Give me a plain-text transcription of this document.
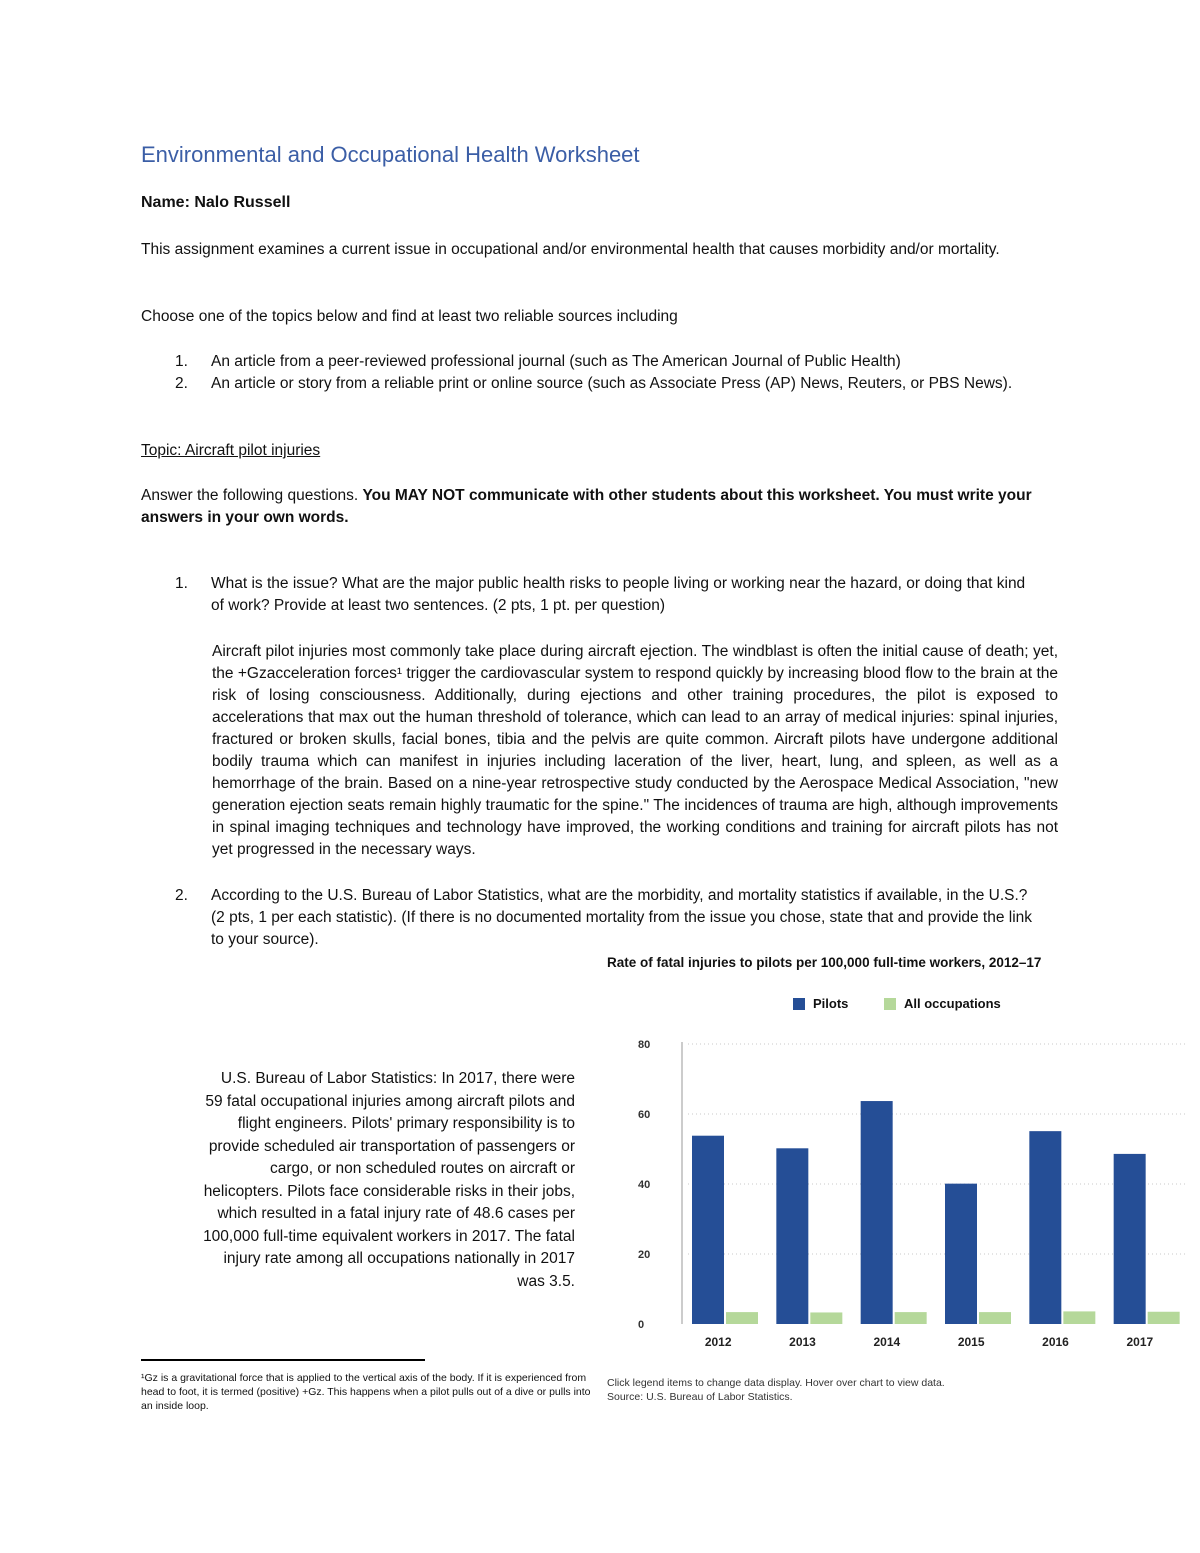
Environmental and Occupational Health Worksheet
Name: Nalo Russell
This assignment examines a current issue in occupational and/or environmental health that causes morbidity and/or mortality.
Choose one of the topics below and find at least two reliable sources including
1. An article from a peer-reviewed professional journal (such as The American Journal of Public Health)
2. An article or story from a reliable print or online source (such as Associate Press (AP) News, Reuters, or PBS News).
Topic: Aircraft pilot injuries
Answer the following questions. You MAY NOT communicate with other students about this worksheet. You must write your answers in your own words.
1. What is the issue? What are the major public health risks to people living or working near the hazard, or doing that kind of work? Provide at least two sentences. (2 pts, 1 pt. per question)
Aircraft pilot injuries most commonly take place during aircraft ejection. The windblast is often the initial cause of death; yet, the +Gzacceleration forces¹ trigger the cardiovascular system to respond quickly by increasing blood flow to the brain at the risk of losing consciousness. Additionally, during ejections and other training procedures, the pilot is exposed to accelerations that max out the human threshold of tolerance, which can lead to an array of medical injuries: spinal injuries, fractured or broken skulls, facial bones, tibia and the pelvis are quite common. Aircraft pilots have undergone additional bodily trauma which can manifest in injuries including laceration of the liver, heart, lung, and spleen, as well as a hemorrhage of the brain. Based on a nine-year retrospective study conducted by the Aerospace Medical Association, "new generation ejection seats remain highly traumatic for the spine." The incidences of trauma are high, although improvements in spinal imaging techniques and technology have improved, the working conditions and training for aircraft pilots has not yet progressed in the necessary ways.
2. According to the U.S. Bureau of Labor Statistics, what are the morbidity, and mortality statistics if available, in the U.S.? (2 pts, 1 per each statistic). (If there is no documented mortality from the issue you chose, state that and provide the link to your source).
U.S. Bureau of Labor Statistics: In 2017, there were 59 fatal occupational injuries among aircraft pilots and flight engineers. Pilots' primary responsibility is to provide scheduled air transportation of passengers or cargo, or non scheduled routes on aircraft or helicopters. Pilots face considerable risks in their jobs, which resulted in a fatal injury rate of 48.6 cases per 100,000 full-time equivalent workers in 2017. The fatal injury rate among all occupations nationally in 2017 was 3.5.
¹Gz is a gravitational force that is applied to the vertical axis of the body. If it is experienced from head to foot, it is termed (positive) +Gz. This happens when a pilot pulls out of a dive or pulls into an inside loop.
Rate of fatal injuries to pilots per 100,000 full-time workers, 2012–17
Pilots	All occupations
0
20
40
60
80
2012	2013	2014	2015	2016	2017
Click legend items to change data display. Hover over chart to view data.
Source: U.S. Bureau of Labor Statistics.
